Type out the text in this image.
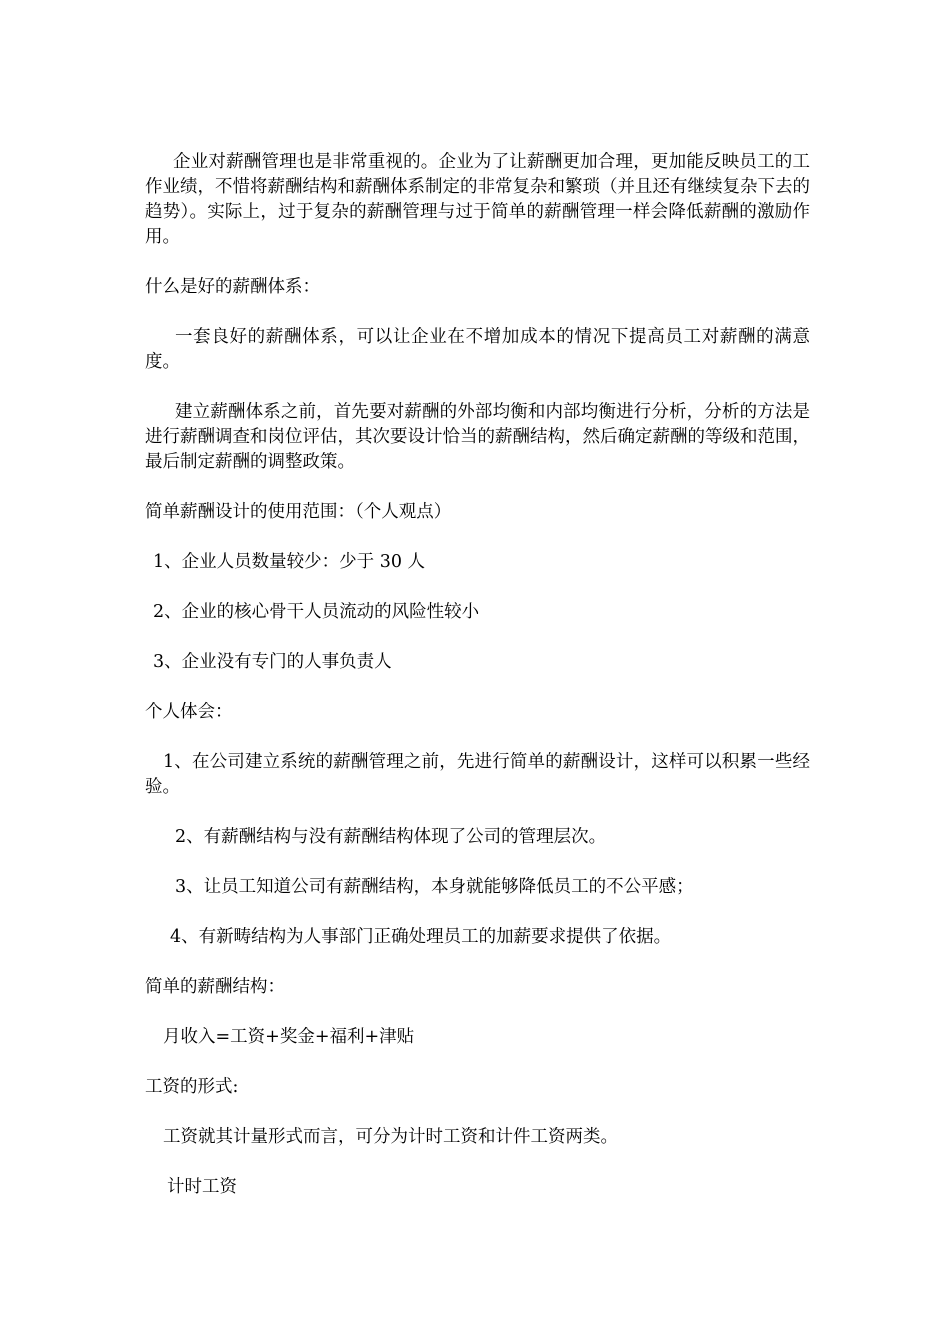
企业对薪酬管理也是非常重视的。企业为了让薪酬更加合理，更加能反映员工的工作业绩，不惜将薪酬结构和薪酬体系制定的非常复杂和繁琐（并且还有继续复杂下去的趋势）。实际上，过于复杂的薪酬管理与过于简单的薪酬管理一样会降低薪酬的激励作用。

什么是好的薪酬体系：

一套良好的薪酬体系，可以让企业在不增加成本的情况下提高员工对薪酬的满意度。

建立薪酬体系之前，首先要对薪酬的外部均衡和内部均衡进行分析，分析的方法是进行薪酬调查和岗位评估，其次要设计恰当的薪酬结构，然后确定薪酬的等级和范围，最后制定薪酬的调整政策。

简单薪酬设计的使用范围：（个人观点）

1、企业人员数量较少：少于 30 人

2、企业的核心骨干人员流动的风险性较小

3、企业没有专门的人事负责人

个人体会：

1、在公司建立系统的薪酬管理之前，先进行简单的薪酬设计，这样可以积累一些经验。

2、有薪酬结构与没有薪酬结构体现了公司的管理层次。

3、让员工知道公司有薪酬结构，本身就能够降低员工的不公平感；

4、有新畴结构为人事部门正确处理员工的加薪要求提供了依据。

简单的薪酬结构：

月收入=工资+奖金+福利+津贴

工资的形式:

工资就其计量形式而言，可分为计时工资和计件工资两类。

计时工资
